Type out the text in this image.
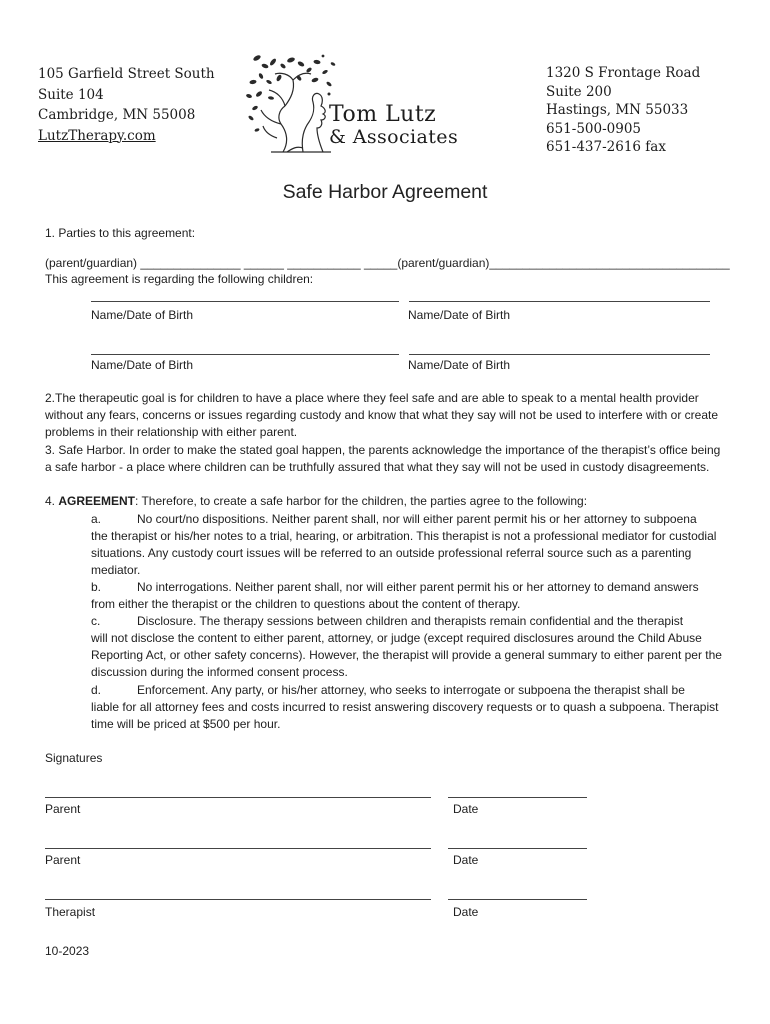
105 Garfield Street South
Suite 104
Cambridge, MN 55008
LutzTherapy.com
Tom Lutz
& Associates
1320 S Frontage Road
Suite 200
Hastings, MN 55033
651-500-0905
651-437-2616 fax
Safe Harbor Agreement
1. Parties to this agreement:
(parent/guardian) _______________ ______ ___________ _____(parent/guardian)____________________________________
This agreement is regarding the following children:
Name/Date of Birth	Name/Date of Birth
Name/Date of Birth	Name/Date of Birth
2.The therapeutic goal is for children to have a place where they feel safe and are able to speak to a mental health provider without any fears, concerns or issues regarding custody and know that what they say will not be used to interfere with or create problems in their relationship with either parent.
3. Safe Harbor. In order to make the stated goal happen, the parents acknowledge the importance of the therapist’s office being a safe harbor - a place where children can be truthfully assured that what they say will not be used in custody disagreements.
4. AGREEMENT: Therefore, to create a safe harbor for the children, the parties agree to the following:
a.	No court/no dispositions. Neither parent shall, nor will either parent permit his or her attorney to subpoena
the therapist or his/her notes to a trial, hearing, or arbitration. This therapist is not a professional mediator for custodial situations. Any custody court issues will be referred to an outside professional referral source such as a parenting mediator.
b.	No interrogations. Neither parent shall, nor will either parent permit his or her attorney to demand answers
from either the therapist or the children to questions about the content of therapy.
c.	Disclosure. The therapy sessions between children and therapists remain confidential and the therapist
will not disclose the content to either parent, attorney, or judge (except required disclosures around the Child Abuse Reporting Act, or other safety concerns). However, the therapist will provide a general summary to either parent per the discussion during the informed consent process.
d.	Enforcement. Any party, or his/her attorney, who seeks to interrogate or subpoena the therapist shall be
liable for all attorney fees and costs incurred to resist answering discovery requests or to quash a subpoena. Therapist time will be priced at $500 per hour.
Signatures
Parent	Date
Parent	Date
Therapist	Date
10-2023
